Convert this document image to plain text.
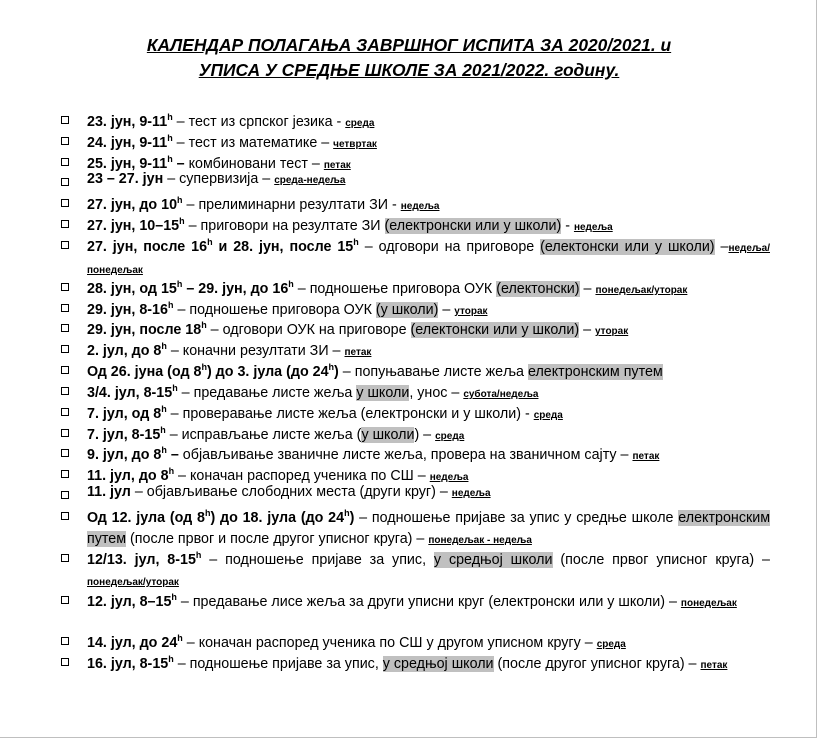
КАЛЕНДАР ПОЛАГАЊА ЗАВРШНОГ ИСПИТА ЗА 2020/2021. и
УПИСА У СРЕДЊЕ ШКОЛЕ ЗА 2021/2022. годину.
23. јун, 9-11$^h$ – тест из српског језика - среда
24. јун, 9-11$^h$ – тест из математике – четвртак
25. јун, 9-11$^h$ – комбиновани тест – петак
23 – 27. јун – супервизија – среда-недеља
27. јун, до 10$^h$ – прелиминарни резултати ЗИ - недеља
27. јун, 10–15$^h$ – приговори на резултате ЗИ (електронски или у школи) - недеља
27. јун, после 16$^h$ и 28. јун, после 15$^h$ – одговори на приговоре (електонски или у школи) –недеља/понедељак
28. јун, од 15$^h$ – 29. јун, до 16$^h$ – подношење приговора ОУК (електонски) – понедељак/уторак
29. јун, 8-16$^h$ – подношење приговора ОУК (у школи) – уторак
29. јун, после 18$^h$ – одговори ОУК на приговоре (електонски или у школи) – уторак
2. јул, до 8$^h$ – коначни резултати ЗИ – петак
Од 26. јуна (од 8$^h$) до 3. јула (до 24$^h$) – попуњавање листе жеља електронским путем
3/4. јул, 8-15$^h$ – предавање листе жеља у школи, унос – субота/недеља
7. јул, од 8$^h$ – проверавање листе жеља (електронски и у школи) - среда
7. јул, 8-15$^h$ – исправљање листе жеља (у школи) – среда
9. јул, до 8$^h$ – објављивање званичне листе жеља, провера на званичном сајту – петак
11. јул, до 8$^h$ – коначан распоред ученика по СШ – недеља
11. јул – објављивање слободних места (други круг) – недеља
Од 12. јула (од 8$^h$) до 18. јула (до 24$^h$) – подношење пријаве за упис у средње школе електронским путем (после првог и после другог уписног круга) – понедељак - недеља
12/13. јул, 8-15$^h$ – подношење пријаве за упис, у средњој школи (после првог уписног круга) – понедељак/уторак
12. јул, 8–15$^h$ – предавање лисе жеља за други уписни круг (електронски или у школи) – понедељак
14. јул, до 24$^h$ – коначан распоред ученика по СШ у другом уписном кругу – среда
16. јул, 8-15$^h$ – подношење пријаве за упис, у средњој школи (после другог уписног круга) – петак
